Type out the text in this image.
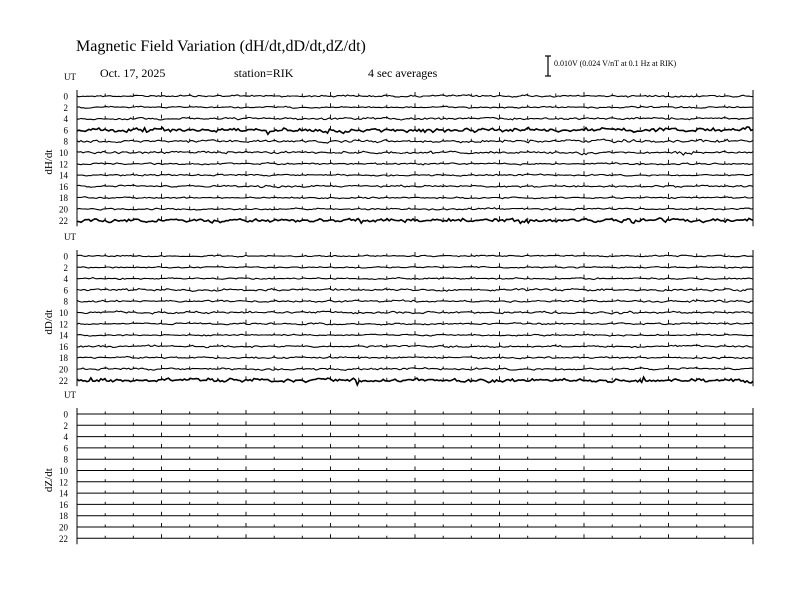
Magnetic Field Variation (dH/dt,dD/dt,dZ/dt)
Oct. 17, 2025	station=RIK	4 sec averages
0.010V (0.024 V/nT at 0.1 Hz at RIK)
UT
dH/dt
0
2
4
6
8
10
12
14
16
18
20
22
UT
dD/dt
0
2
4
6
8
10
12
14
16
18
20
22
UT
dZ/dt
0
2
4
6
8
10
12
14
16
18
20
22
